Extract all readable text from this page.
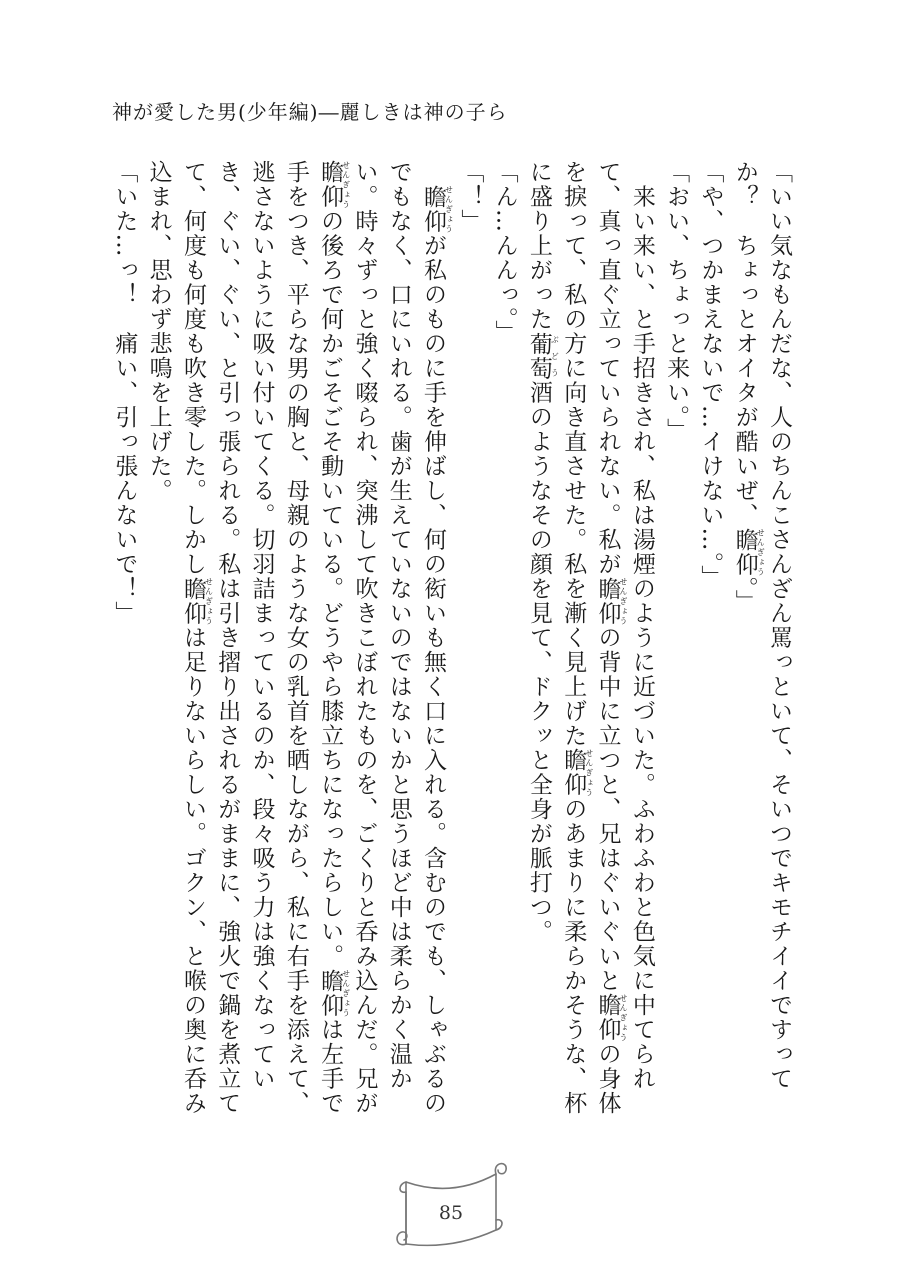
神が愛した男(少年編)―麗しきは神の子ら

「いい気なもんだな、人のちんこさんざん罵っといて、そいつでキモチイイですってか？　ちょっとオイタが酷いぜ、瞻仰せんぎょう。」

「や、つかまえないで…イけない…。」

「おい、ちょっと来い。」

　来い来い、と手招きされ、私は湯煙のように近づいた。ふわふわと色気に中てられて、真っ直ぐ立っていられない。私が瞻仰せんぎょうの背中に立つと、兄はぐいぐいと瞻仰せんぎょうの身体を捩って、私の方に向き直させた。私を漸く見上げた瞻仰せんぎょうのあまりに柔らかそうな、杯に盛り上がった葡萄ぶどう酒のようなその顔を見て、ドクッと全身が脈打つ。

「ん…んんっ。」

「！」

　瞻仰せんぎょうが私のものに手を伸ばし、何の衒いも無く口に入れる。含むのでも、しゃぶるのでもなく、口にいれる。歯が生えていないのではないかと思うほど中は柔らかく温かい。時々ずっと強く啜られ、突沸して吹きこぼれたものを、ごくりと呑み込んだ。兄が瞻仰せんぎょうの後ろで何かごそごそ動いている。どうやら膝立ちになったらしい。瞻仰せんぎょうは左手で手をつき、平らな男の胸と、母親のような女の乳首を晒しながら、私に右手を添えて、逃さないように吸い付いてくる。切羽詰まっているのか、段々吸う力は強くなっていき、ぐい、ぐい、と引っ張られる。私は引き摺り出されるがままに、強火で鍋を煮立てて、何度も何度も吹き零した。しかし瞻仰せんぎょうは足りないらしい。ゴクン、と喉の奥に呑み込まれ、思わず悲鳴を上げた。

「いた…っ！　痛い、引っ張んないで！」

85
